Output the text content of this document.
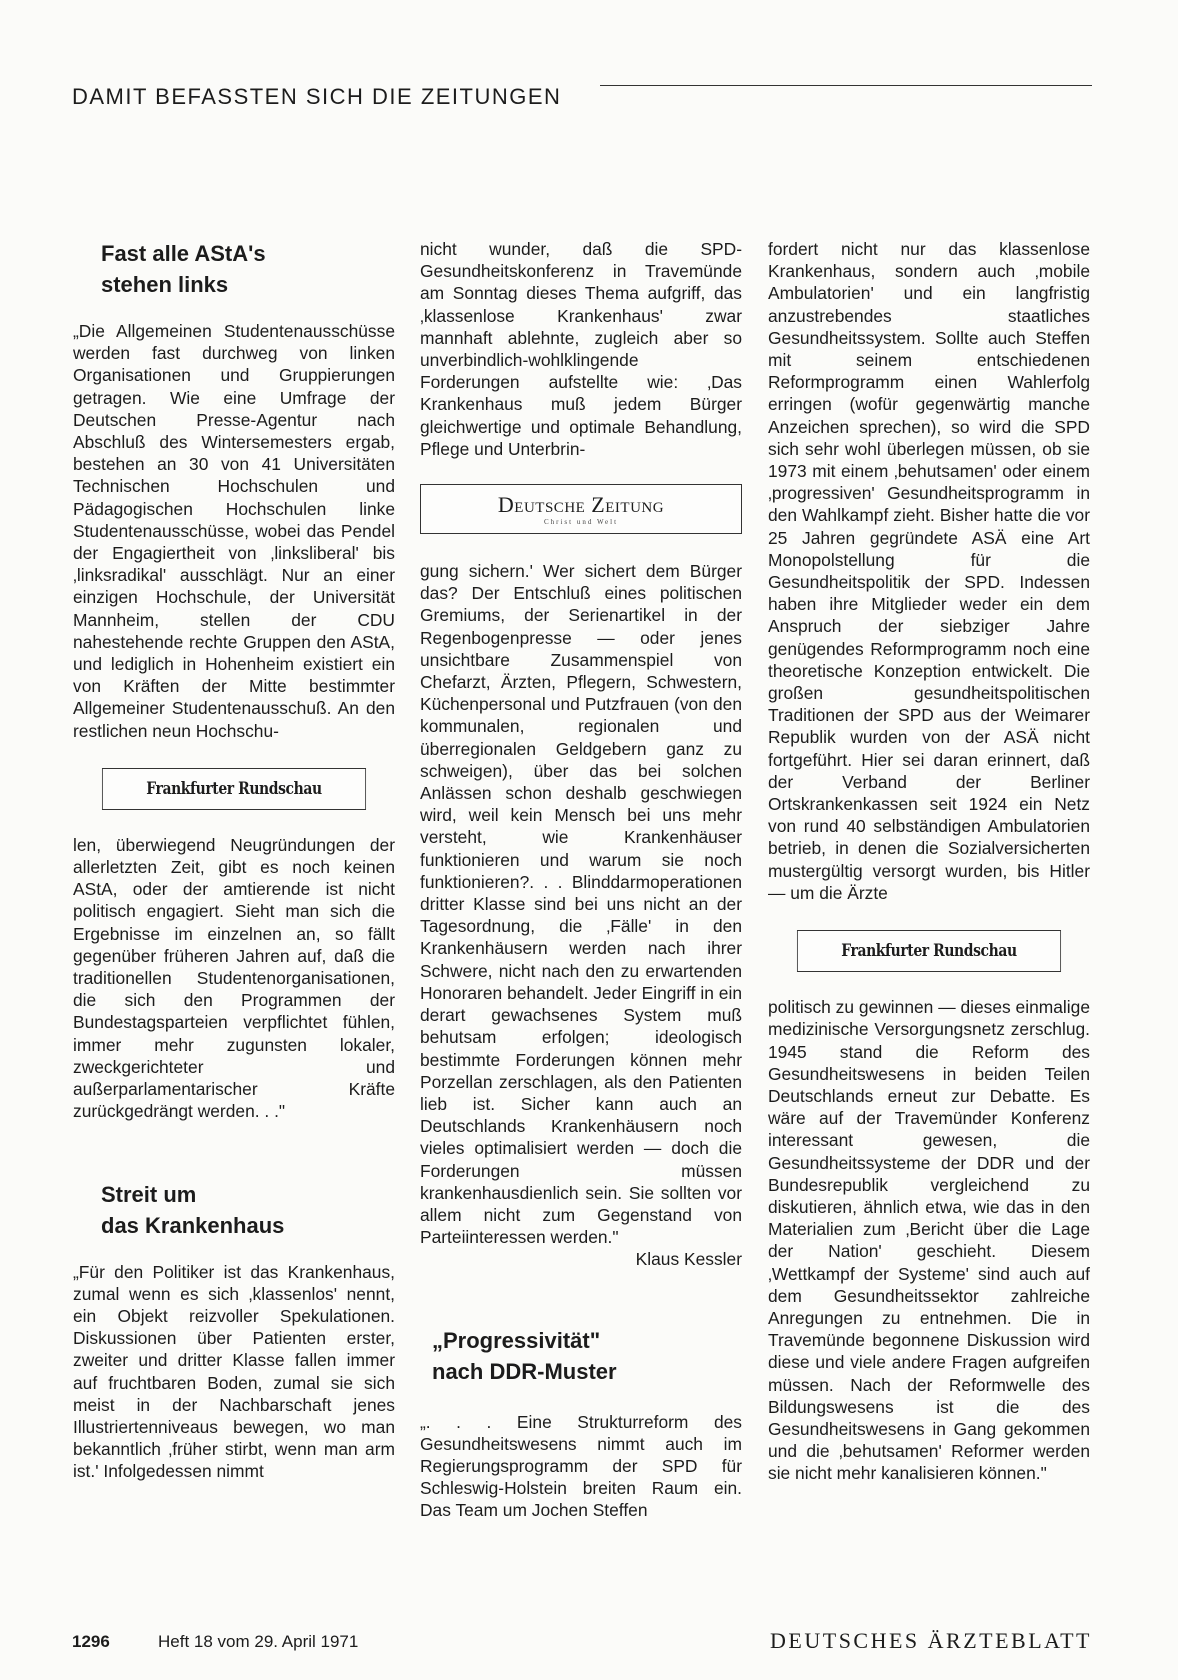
DAMIT BEFASSTEN SICH DIE ZEITUNGEN
Fast alle AStA's
stehen links

„Die Allgemeinen Studentenausschüsse werden fast durchweg von linken Organisationen und Gruppierungen getragen. Wie eine Umfrage der Deutschen Presse-Agentur nach Abschluß des Wintersemesters ergab, bestehen an 30 von 41 Universitäten Technischen Hochschulen und Pädagogischen Hochschulen linke Studentenausschüsse, wobei das Pendel der Engagiertheit von ‚linksliberal' bis ‚linksradikal' ausschlägt. Nur an einer einzigen Hochschule, der Universität Mannheim, stellen der CDU nahestehende rechte Gruppen den AStA, und lediglich in Hohenheim existiert ein von Kräften der Mitte bestimmter Allgemeiner Studentenausschuß. An den restlichen neun Hochschu-

Frankfurter Rundschau

len, überwiegend Neugründungen der allerletzten Zeit, gibt es noch keinen AStA, oder der amtierende ist nicht politisch engagiert. Sieht man sich die Ergebnisse im einzelnen an, so fällt gegenüber früheren Jahren auf, daß die traditionellen Studentenorganisationen, die sich den Programmen der Bundestagsparteien verpflichtet fühlen, immer mehr zugunsten lokaler, zweckgerichteter und außerparlamentarischer Kräfte zurückgedrängt werden. . ."

Streit um
das Krankenhaus

„Für den Politiker ist das Krankenhaus, zumal wenn es sich ‚klassenlos' nennt, ein Objekt reizvoller Spekulationen. Diskussionen über Patienten erster, zweiter und dritter Klasse fallen immer auf fruchtbaren Boden, zumal sie sich meist in der Nachbarschaft jenes Illustriertenniveaus bewegen, wo man bekanntlich ‚früher stirbt, wenn man arm ist.' Infolgedessen nimmt

nicht wunder, daß die SPD-Gesundheitskonferenz in Travemünde am Sonntag dieses Thema aufgriff, das ‚klassenlose Krankenhaus' zwar mannhaft ablehnte, zugleich aber so unverbindlich-wohlklingende Forderungen aufstellte wie: ‚Das Krankenhaus muß jedem Bürger gleichwertige und optimale Behandlung, Pflege und Unterbrin-

Deutsche Zeitung
Christ und Welt

gung sichern.' Wer sichert dem Bürger das? Der Entschluß eines politischen Gremiums, der Serienartikel in der Regenbogenpresse — oder jenes unsichtbare Zusammenspiel von Chefarzt, Ärzten, Pflegern, Schwestern, Küchenpersonal und Putzfrauen (von den kommunalen, regionalen und überregionalen Geldgebern ganz zu schweigen), über das bei solchen Anlässen schon deshalb geschwiegen wird, weil kein Mensch bei uns mehr versteht, wie Krankenhäuser funktionieren und warum sie noch funktionieren?. . . Blinddarmoperationen dritter Klasse sind bei uns nicht an der Tagesordnung, die ‚Fälle' in den Krankenhäusern werden nach ihrer Schwere, nicht nach den zu erwartenden Honoraren behandelt. Jeder Eingriff in ein derart gewachsenes System muß behutsam erfolgen; ideologisch bestimmte Forderungen können mehr Porzellan zerschlagen, als den Patienten lieb ist. Sicher kann auch an Deutschlands Krankenhäusern noch vieles optimalisiert werden — doch die Forderungen müssen krankenhausdienlich sein. Sie sollten vor allem nicht zum Gegenstand von Parteiinteressen werden."

Klaus Kessler

„Progressivität"
nach DDR-Muster

„. . . Eine Strukturreform des Gesundheitswesens nimmt auch im Regierungsprogramm der SPD für Schleswig-Holstein breiten Raum ein. Das Team um Jochen Steffen

fordert nicht nur das klassenlose Krankenhaus, sondern auch ‚mobile Ambulatorien' und ein langfristig anzustrebendes staatliches Gesundheitssystem. Sollte auch Steffen mit seinem entschiedenen Reformprogramm einen Wahlerfolg erringen (wofür gegenwärtig manche Anzeichen sprechen), so wird die SPD sich sehr wohl überlegen müssen, ob sie 1973 mit einem ‚behutsamen' oder einem ‚progressiven' Gesundheitsprogramm in den Wahlkampf zieht. Bisher hatte die vor 25 Jahren gegründete ASÄ eine Art Monopolstellung für die Gesundheitspolitik der SPD. Indessen haben ihre Mitglieder weder ein dem Anspruch der siebziger Jahre genügendes Reformprogramm noch eine theoretische Konzeption entwickelt. Die großen gesundheitspolitischen Traditionen der SPD aus der Weimarer Republik wurden von der ASÄ nicht fortgeführt. Hier sei daran erinnert, daß der Verband der Berliner Ortskrankenkassen seit 1924 ein Netz von rund 40 selbständigen Ambulatorien betrieb, in denen die Sozialversicherten mustergültig versorgt wurden, bis Hitler — um die Ärzte

Frankfurter Rundschau

politisch zu gewinnen — dieses einmalige medizinische Versorgungsnetz zerschlug. 1945 stand die Reform des Gesundheitswesens in beiden Teilen Deutschlands erneut zur Debatte. Es wäre auf der Travemünder Konferenz interessant gewesen, die Gesundheitssysteme der DDR und der Bundesrepublik vergleichend zu diskutieren, ähnlich etwa, wie das in den Materialien zum ‚Bericht über die Lage der Nation' geschieht. Diesem ‚Wettkampf der Systeme' sind auch auf dem Gesundheitssektor zahlreiche Anregungen zu entnehmen. Die in Travemünde begonnene Diskussion wird diese und viele andere Fragen aufgreifen müssen. Nach der Reformwelle des Bildungswesens ist die des Gesundheitswesens in Gang gekommen und die ‚behutsamen' Reformer werden sie nicht mehr kanalisieren können."

1296	Heft 18 vom 29. April 1971	DEUTSCHES ÄRZTEBLATT
